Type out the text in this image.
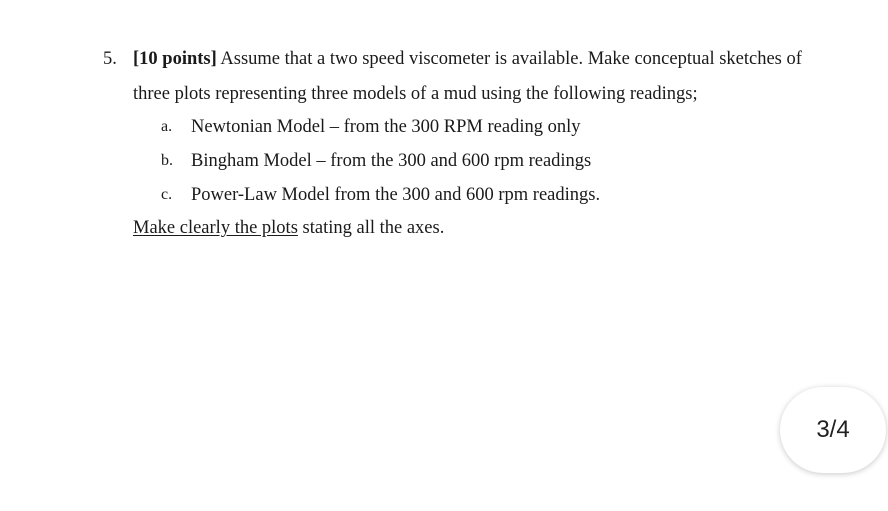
5. [10 points] Assume that a two speed viscometer is available. Make conceptual sketches of
three plots representing three models of a mud using the following readings;
a. Newtonian Model – from the 300 RPM reading only
b. Bingham Model – from the 300 and 600 rpm readings
c. Power-Law Model from the 300 and 600 rpm readings.
Make clearly the plots stating all the axes.
3/4
